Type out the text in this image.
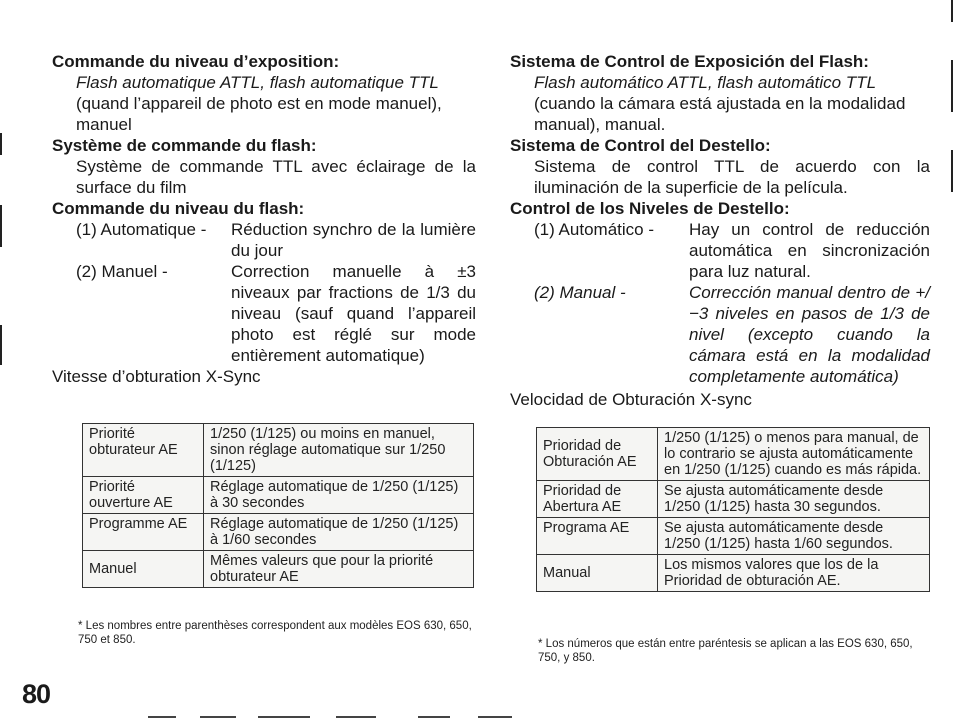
Commande du niveau d’exposition:

Flash automatique ATTL, flash automatique TTL

(quand l’appareil de photo est en mode manuel), manuel

Système de commande du flash:

Système de commande TTL avec éclairage de la surface du film

Commande du niveau du flash:

(1) Automatique -	Réduction synchro de la lumière du jour
(2) Manuel -	Correction manuelle à ±3 niveaux par fractions de 1/3 du niveau (sauf quand l’appareil photo est réglé sur mode entièrement automatique)

Vitesse d’obturation X-Sync

Priorité obturateur AE	1/250 (1/125) ou moins en manuel, sinon réglage automatique sur 1/250 (1/125)
Priorité ouverture AE	Réglage automatique de 1/250 (1/125) à 30 secondes
Programme AE	Réglage automatique de 1/250 (1/125) à 1/60 secondes
Manuel	Mêmes valeurs que pour la priorité obturateur AE
* Les nombres entre parenthèses correspondent aux modèles EOS 630, 650, 750 et 850.

Sistema de Control de Exposición del Flash:

Flash automático ATTL, flash automático TTL

(cuando la cámara está ajustada en la modalidad manual), manual.

Sistema de Control del Destello:

Sistema de control TTL de acuerdo con la iluminación de la superficie de la película.

Control de los Niveles de Destello:

(1) Automático -	Hay un control de reducción automática en sincronización para luz natural.
(2) Manual -	Corrección manual dentro de +/−3 niveles en pasos de 1/3 de nivel (excepto cuando la cámara está en la modalidad completamente automática)

Velocidad de Obturación X-sync

Prioridad de Obturación AE	1/250 (1/125) o menos para manual, de lo contrario se ajusta automáticamente en 1/250 (1/125) cuando es más rápida.
Prioridad de Abertura AE	Se ajusta automáticamente desde 1/250 (1/125) hasta 30 segundos.
Programa AE	Se ajusta automáticamente desde 1/250 (1/125) hasta 1/60 segundos.
Manual	Los mismos valores que los de la Prioridad de obturación AE.
* Los números que están entre paréntesis se aplican a las EOS 630, 650, 750, y 850.
80
